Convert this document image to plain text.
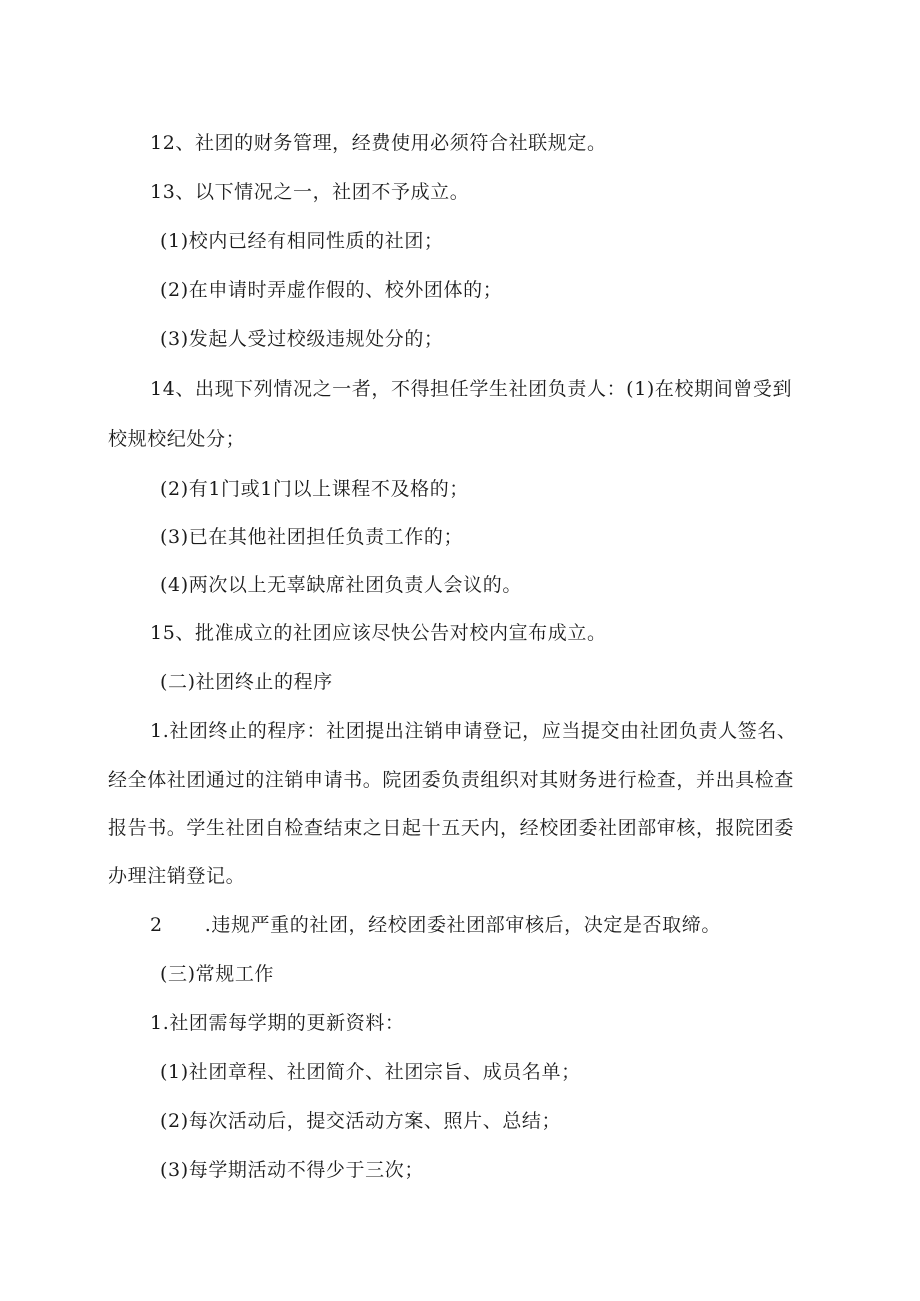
12、社团的财务管理，经费使用必须符合社联规定。
13、以下情况之一，社团不予成立。
(1)校内已经有相同性质的社团；
(2)在申请时弄虚作假的、校外团体的；
(3)发起人受过校级违规处分的；
14、出现下列情况之一者，不得担任学生社团负责人：(1)在校期间曾受到
校规校纪处分；
(2)有1门或1门以上课程不及格的；
(3)已在其他社团担任负责工作的；
(4)两次以上无辜缺席社团负责人会议的。
15、批准成立的社团应该尽快公告对校内宣布成立。
(二)社团终止的程序
1.社团终止的程序：社团提出注销申请登记，应当提交由社团负责人签名、
经全体社团通过的注销申请书。院团委负责组织对其财务进行检查，并出具检查
报告书。学生社团自检查结束之日起十五天内，经校团委社团部审核，报院团委
办理注销登记。
2 .违规严重的社团，经校团委社团部审核后，决定是否取缔。
(三)常规工作
1.社团需每学期的更新资料：
(1)社团章程、社团简介、社团宗旨、成员名单；
(2)每次活动后，提交活动方案、照片、总结；
(3)每学期活动不得少于三次；
